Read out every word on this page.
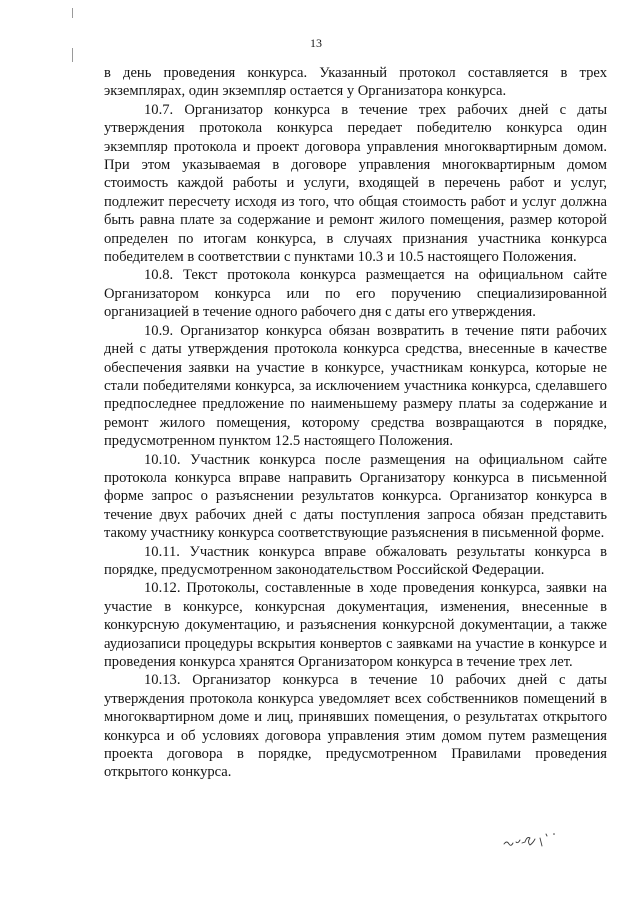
13

в день проведения конкурса. Указанный протокол составляется в трех экземплярах, один экземпляр остается у Организатора конкурса.

10.7. Организатор конкурса в течение трех рабочих дней с даты утверждения протокола конкурса передает победителю конкурса один экземпляр протокола и проект договора управления многоквартирным домом. При этом указываемая в договоре управления многоквартирным домом стоимость каждой работы и услуги, входящей в перечень работ и услуг, подлежит пересчету исходя из того, что общая стоимость работ и услуг должна быть равна плате за содержание и ремонт жилого помещения, размер которой определен по итогам конкурса, в случаях признания участника конкурса победителем в соответствии с пунктами 10.3 и 10.5 настоящего Положения.

10.8. Текст протокола конкурса размещается на официальном сайте Организатором конкурса или по его поручению специализированной организацией в течение одного рабочего дня с даты его утверждения.

10.9. Организатор конкурса обязан возвратить в течение пяти рабочих дней с даты утверждения протокола конкурса средства, внесенные в качестве обеспечения заявки на участие в конкурсе, участникам конкурса, которые не стали победителями конкурса, за исключением участника конкурса, сделавшего предпоследнее предложение по наименьшему размеру платы за содержание и ремонт жилого помещения, которому средства возвращаются в порядке, предусмотренном пунктом 12.5 настоящего Положения.

10.10. Участник конкурса после размещения на официальном сайте протокола конкурса вправе направить Организатору конкурса в письменной форме запрос о разъяснении результатов конкурса. Организатор конкурса в течение двух рабочих дней с даты поступления запроса обязан представить такому участнику конкурса соответствующие разъяснения в письменной форме.

10.11. Участник конкурса вправе обжаловать результаты конкурса в порядке, предусмотренном законодательством Российской Федерации.

10.12. Протоколы, составленные в ходе проведения конкурса, заявки на участие в конкурсе, конкурсная документация, изменения, внесенные в конкурсную документацию, и разъяснения конкурсной документации, а также аудиозаписи процедуры вскрытия конвертов с заявками на участие в конкурсе и проведения конкурса хранятся Организатором конкурса в течение трех лет.

10.13. Организатор конкурса в течение 10 рабочих дней с даты утверждения протокола конкурса уведомляет всех собственников помещений в многоквартирном доме и лиц, принявших помещения, о результатах открытого конкурса и об условиях договора управления этим домом путем размещения проекта договора в порядке, предусмотренном Правилами проведения открытого конкурса.
